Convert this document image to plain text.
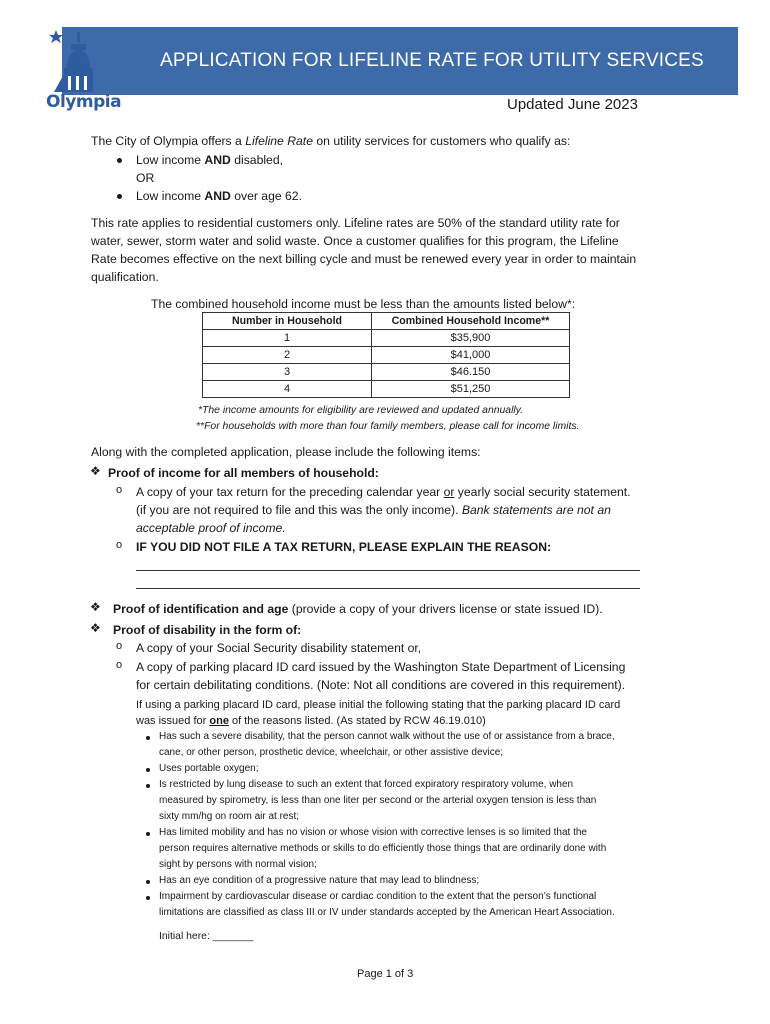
APPLICATION FOR LIFELINE RATE FOR UTILITY SERVICES
Olympia	Updated June 2023
The City of Olympia offers a Lifeline Rate on utility services for customers who qualify as:
Low income AND disabled,
OR
Low income AND over age 62.
This rate applies to residential customers only. Lifeline rates are 50% of the standard utility rate for
water, sewer, storm water and solid waste. Once a customer qualifies for this program, the Lifeline
Rate becomes effective on the next billing cycle and must be renewed every year in order to maintain
qualification.
The combined household income must be less than the amounts listed below*:
Number in Household	Combined Household Income**
1	$35,900
2	$41,000
3	$46.150
4	$51,250
*The income amounts for eligibility are reviewed and updated annually.
**For households with more than four family members, please call for income limits.
Along with the completed application, please include the following items:
❖ Proof of income for all members of household:
o A copy of your tax return for the preceding calendar year or yearly social security statement.
(if you are not required to file and this was the only income). Bank statements are not an
acceptable proof of income.
o IF YOU DID NOT FILE A TAX RETURN, PLEASE EXPLAIN THE REASON:
❖ Proof of identification and age (provide a copy of your drivers license or state issued ID).
❖ Proof of disability in the form of:
o A copy of your Social Security disability statement or,
o A copy of parking placard ID card issued by the Washington State Department of Licensing
for certain debilitating conditions. (Note: Not all conditions are covered in this requirement).
If using a parking placard ID card, please initial the following stating that the parking placard ID card
was issued for one of the reasons listed. (As stated by RCW 46.19.010)
Has such a severe disability, that the person cannot walk without the use of or assistance from a brace,
cane, or other person, prosthetic device, wheelchair, or other assistive device;
Uses portable oxygen;
Is restricted by lung disease to such an extent that forced expiratory respiratory volume, when
measured by spirometry, is less than one liter per second or the arterial oxygen tension is less than
sixty mm/hg on room air at rest;
Has limited mobility and has no vision or whose vision with corrective lenses is so limited that the
person requires alternative methods or skills to do efficiently those things that are ordinarily done with
sight by persons with normal vision;
Has an eye condition of a progressive nature that may lead to blindness;
Impairment by cardiovascular disease or cardiac condition to the extent that the person’s functional
limitations are classified as class III or IV under standards accepted by the American Heart Association.
Initial here: _______
Page 1 of 3
